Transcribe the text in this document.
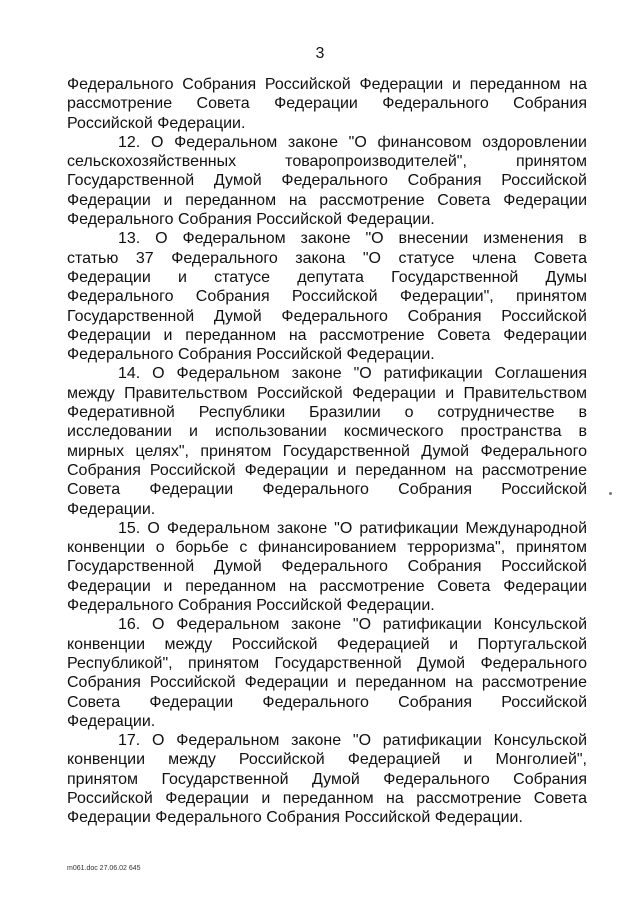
3

Федерального Собрания Российской Федерации и переданном на
рассмотрение Совета Федерации Федерального Собрания
Российской Федерации.

12. О Федеральном законе "О финансовом оздоровлении
сельскохозяйственных товаропроизводителей", принятом
Государственной Думой Федерального Собрания Российской
Федерации и переданном на рассмотрение Совета Федерации
Федерального Собрания Российской Федерации.

13. О Федеральном законе "О внесении изменения в
статью 37 Федерального закона "О статусе члена Совета
Федерации и статусе депутата Государственной Думы
Федерального Собрания Российской Федерации", принятом
Государственной Думой Федерального Собрания Российской
Федерации и переданном на рассмотрение Совета Федерации
Федерального Собрания Российской Федерации.

14. О Федеральном законе "О ратификации Соглашения
между Правительством Российской Федерации и Правительством
Федеративной Республики Бразилии о сотрудничестве в
исследовании и использовании космического пространства в
мирных целях", принятом Государственной Думой Федерального
Собрания Российской Федерации и переданном на рассмотрение
Совета Федерации Федерального Собрания Российской
Федерации.

15. О Федеральном законе "О ратификации Международной
конвенции о борьбе с финансированием терроризма", принятом
Государственной Думой Федерального Собрания Российской
Федерации и переданном на рассмотрение Совета Федерации
Федерального Собрания Российской Федерации.

16. О Федеральном законе "О ратификации Консульской
конвенции между Российской Федерацией и Португальской
Республикой", принятом Государственной Думой Федерального
Собрания Российской Федерации и переданном на рассмотрение
Совета Федерации Федерального Собрания Российской
Федерации.

17. О Федеральном законе "О ратификации Консульской
конвенции между Российской Федерацией и Монголией",
принятом Государственной Думой Федерального Собрания
Российской Федерации и переданном на рассмотрение Совета
Федерации Федерального Собрания Российской Федерации.

m061.doc 27.06.02 645
